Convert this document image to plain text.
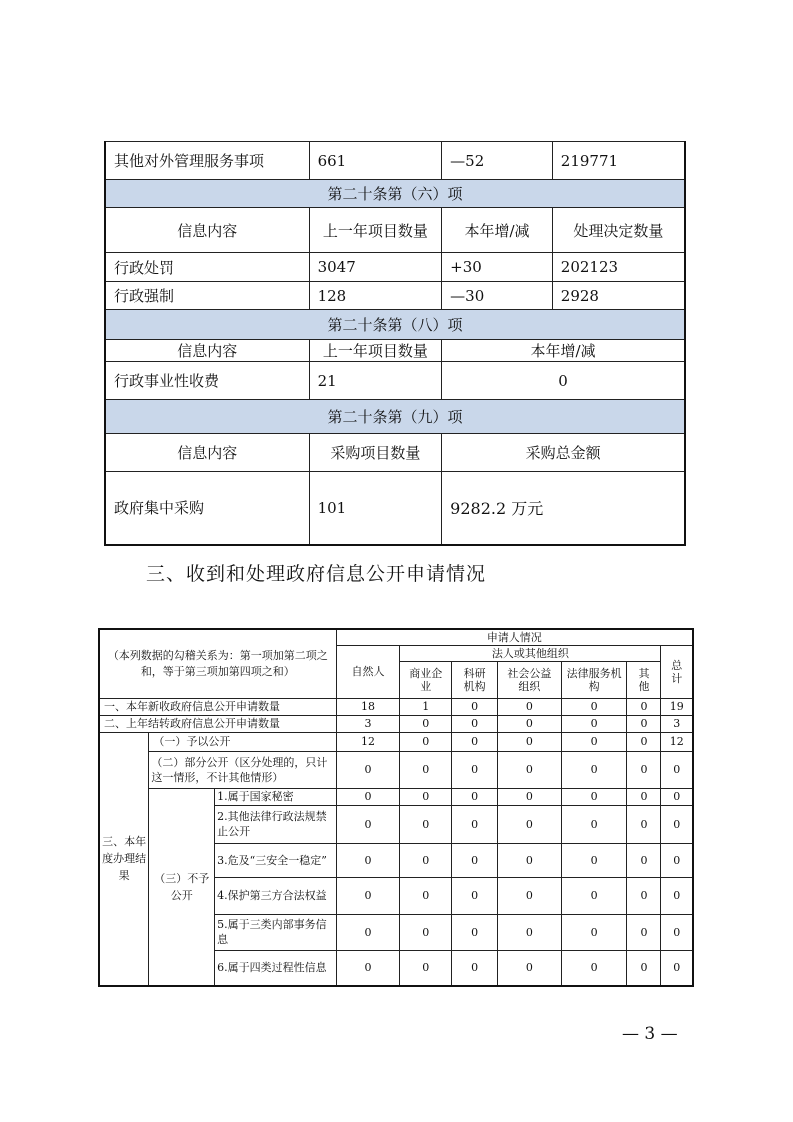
其他对外管理服务事项	661	—52	219771
第二十条第（六）项			
信息内容	上一年项目数量	本年增/减	处理决定数量
行政处罚	3047	+30	202123
行政强制	128	—30	2928
第二十条第（八）项			
信息内容	上一年项目数量	本年增/减	
行政事业性收费	21	0	
第二十条第（九）项			
信息内容	采购项目数量	采购总金额	
政府集中采购	101	9282.2 万元	
三、收到和处理政府信息公开申请情况
（本列数据的勾稽关系为：第一项加第二项之和，等于第三项加第四项之和）			申请人情况						
			自然人	法人或其他组织					总计
				商业企业	科研机构	社会公益组织	法律服务机构	其他	
一、本年新收政府信息公开申请数量			18	1	0	0	0	0	19
二、上年结转政府信息公开申请数量			3	0	0	0	0	0	3
三、本年度办理结果	（一）予以公开		12	0	0	0	0	0	12
	（二）部分公开（区分处理的，只计这一情形，不计其他情形）		0	0	0	0	0	0	0
	（三）不予公开	1.属于国家秘密	0	0	0	0	0	0	0
		2.其他法律行政法规禁止公开	0	0	0	0	0	0	0
		3.危及“三安全一稳定”	0	0	0	0	0	0	0
		4.保护第三方合法权益	0	0	0	0	0	0	0
		5.属于三类内部事务信息	0	0	0	0	0	0	0
		6.属于四类过程性信息	0	0	0	0	0	0	0
— 3 —
